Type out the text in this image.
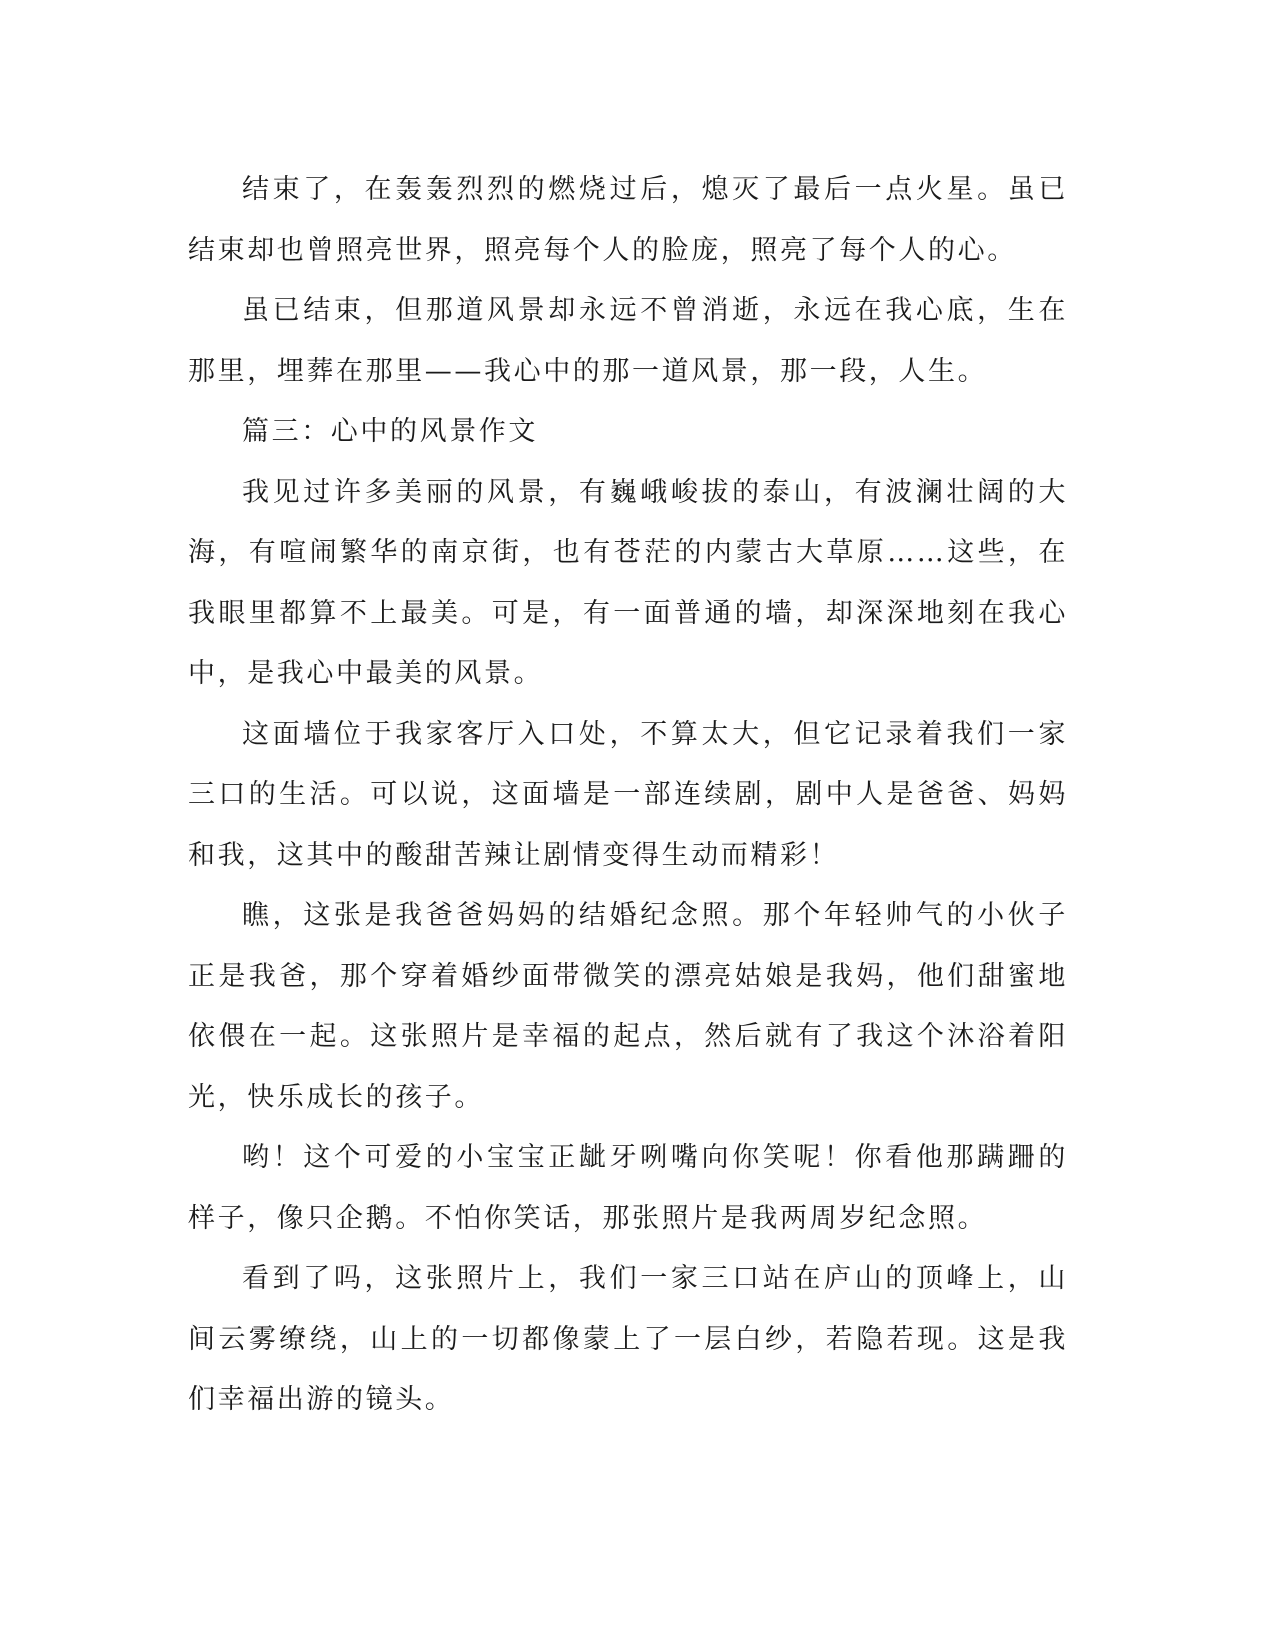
结束了，在轰轰烈烈的燃烧过后，熄灭了最后一点火星。虽已结束却也曾照亮世界，照亮每个人的脸庞，照亮了每个人的心。

虽已结束，但那道风景却永远不曾消逝，永远在我心底，生在那里，埋葬在那里——我心中的那一道风景，那一段，人生。

篇三：心中的风景作文

我见过许多美丽的风景，有巍峨峻拔的泰山，有波澜壮阔的大海，有喧闹繁华的南京街，也有苍茫的内蒙古大草原……这些，在我眼里都算不上最美。可是，有一面普通的墙，却深深地刻在我心中，是我心中最美的风景。

这面墙位于我家客厅入口处，不算太大，但它记录着我们一家三口的生活。可以说，这面墙是一部连续剧，剧中人是爸爸、妈妈和我，这其中的酸甜苦辣让剧情变得生动而精彩！

瞧，这张是我爸爸妈妈的结婚纪念照。那个年轻帅气的小伙子正是我爸，那个穿着婚纱面带微笑的漂亮姑娘是我妈，他们甜蜜地依偎在一起。这张照片是幸福的起点，然后就有了我这个沐浴着阳光，快乐成长的孩子。

哟！这个可爱的小宝宝正龇牙咧嘴向你笑呢！你看他那蹒跚的样子，像只企鹅。不怕你笑话，那张照片是我两周岁纪念照。

看到了吗，这张照片上，我们一家三口站在庐山的顶峰上，山间云雾缭绕，山上的一切都像蒙上了一层白纱，若隐若现。这是我们幸福出游的镜头。
